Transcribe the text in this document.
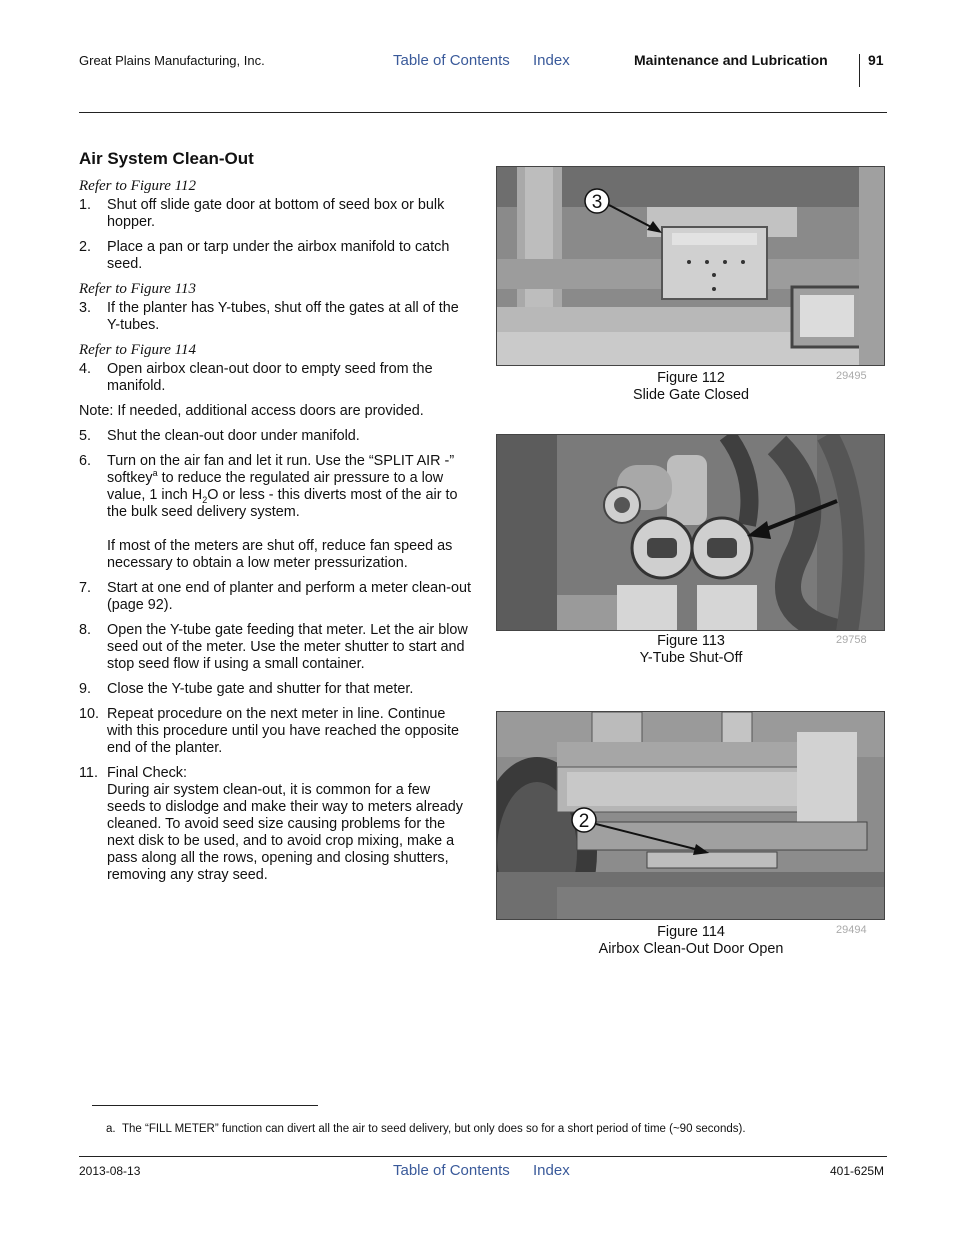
Great Plains Manufacturing, Inc.	Table of Contents Index	Maintenance and Lubrication	91
Air System Clean-Out
Refer to Figure 112
1. Shut off slide gate door at bottom of seed box or bulk hopper.

2. Place a pan or tarp under the airbox manifold to catch seed.

Refer to Figure 113
3. If the planter has Y-tubes, shut off the gates at all of the Y-tubes.

Refer to Figure 114
4. Open airbox clean-out door to empty seed from the manifold.

Note: If needed, additional access doors are provided.

5. Shut the clean-out door under manifold.

6. Turn on the air fan and let it run. Use the “SPLIT AIR -” softkey$^a$ to reduce the regulated air pressure to a low value, 1 inch $H_2O$ or less - this diverts most of the air to the bulk seed delivery system.

If most of the meters are shut off, reduce fan speed as necessary to obtain a low meter pressurization.

7. Start at one end of planter and perform a meter clean-out (page 92).

8. Open the Y-tube gate feeding that meter. Let the air blow seed out of the meter. Use the meter shutter to start and stop seed flow if using a small container.

9. Close the Y-tube gate and shutter for that meter.

10. Repeat procedure on the next meter in line. Continue with this procedure until you have reached the opposite end of the planter.

11. Final Check:

During air system clean-out, it is common for a few seeds to dislodge and make their way to meters already cleaned. To avoid seed size causing problems for the next disk to be used, and to avoid crop mixing, make a pass along all the rows, opening and closing shutters, removing any stray seed.

3
Figure 112
Slide Gate Closed
29495
Figure 113
Y-Tube Shut-Off
29758
2
Figure 114
Airbox Clean-Out Door Open
29494
a. The “FILL METER” function can divert all the air to seed delivery, but only does so for a short period of time (~90 seconds).
2013-08-13	Table of Contents Index	401-625M
